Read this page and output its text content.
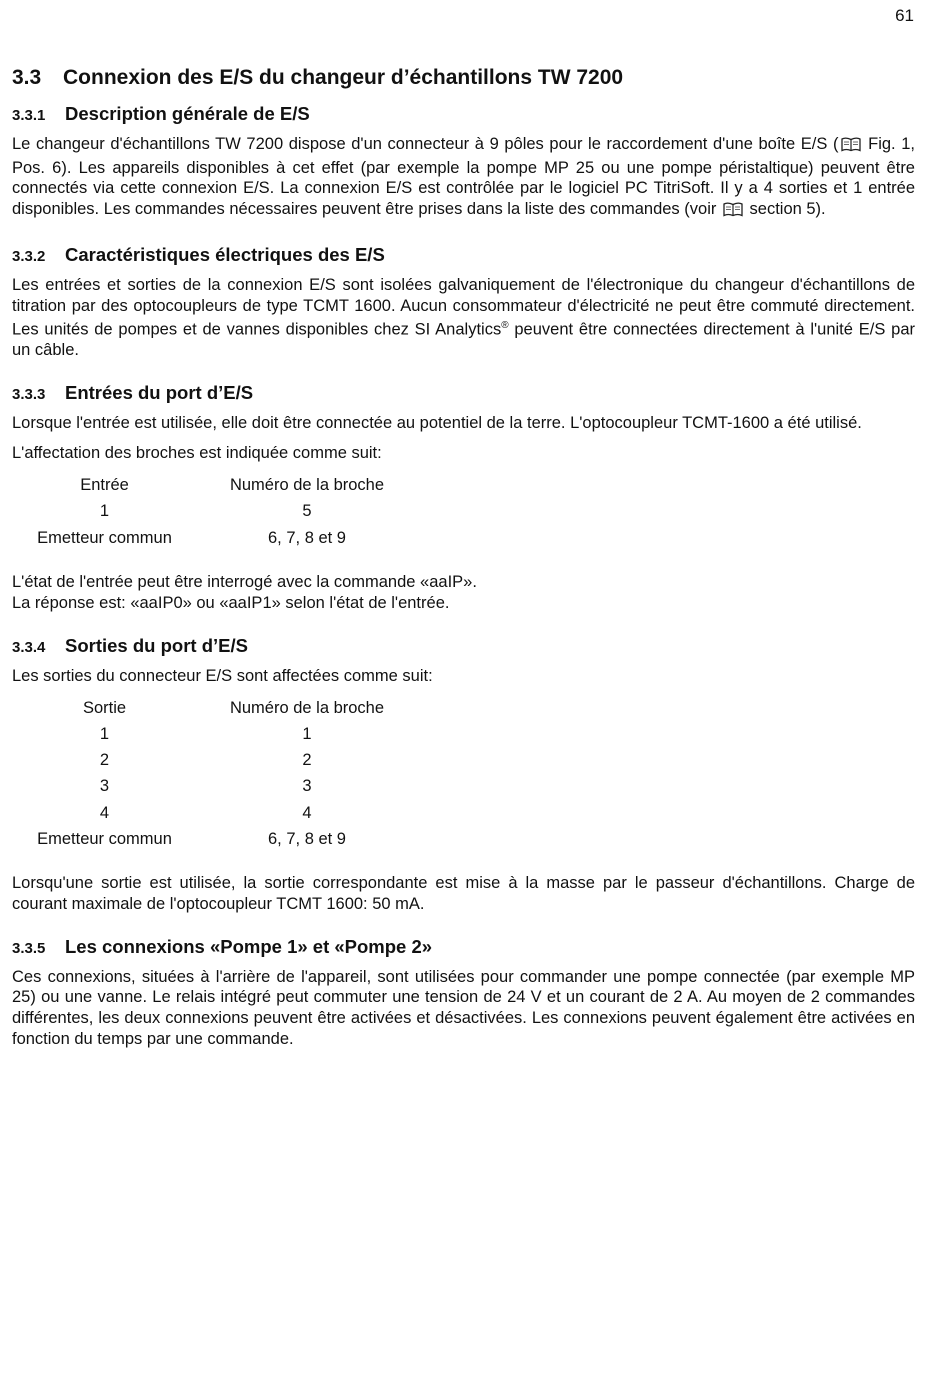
61
3.3	Connexion des E/S du changeur d’échantillons TW 7200
3.3.1	Description générale de E/S

Le changeur d'échantillons TW 7200 dispose d'un connecteur à 9 pôles pour le raccordement d'une boîte E/S ( Fig. 1, Pos. 6). Les appareils disponibles à cet effet (par exemple la pompe MP 25 ou une pompe péristaltique) peuvent être connectés via cette connexion E/S. La connexion E/S est contrôlée par le logiciel PC TitriSoft. Il y a 4 sorties et 1 entrée disponibles. Les commandes nécessaires peuvent être prises dans la liste des commandes (voir  section 5).

3.3.2	Caractéristiques électriques des E/S

Les entrées et sorties de la connexion E/S sont isolées galvaniquement de l'électronique du changeur d'échantillons de titration par des optocoupleurs de type TCMT 1600. Aucun consommateur d'électricité ne peut être commuté directement. Les unités de pompes et de vannes disponibles chez SI Analytics® peuvent être connectées directement à l'unité E/S par un câble.

3.3.3	Entrées du port d’E/S

Lorsque l'entrée est utilisée, elle doit être connectée au potentiel de la terre. L'optocoupleur TCMT-1600 a été utilisé.

L'affectation des broches est indiquée comme suit:

Entrée	Numéro de la broche
1	5
Emetteur commun	6, 7, 8 et 9

L'état de l'entrée peut être interrogé avec la commande «aaIP».

La réponse est: «aaIP0» ou «aaIP1» selon l'état de l'entrée.

3.3.4	Sorties du port d’E/S

Les sorties du connecteur E/S sont affectées comme suit:

Sortie	Numéro de la broche
1	1
2	2
3	3
4	4
Emetteur commun	6, 7, 8 et 9

Lorsqu'une sortie est utilisée, la sortie correspondante est mise à la masse par le passeur d'échantillons. Charge de courant maximale de l'optocoupleur TCMT 1600: 50 mA.

3.3.5	Les connexions «Pompe 1» et «Pompe 2»

Ces connexions, situées à l'arrière de l'appareil, sont utilisées pour commander une pompe connectée (par exemple MP 25) ou une vanne. Le relais intégré peut commuter une tension de 24 V et un courant de 2 A. Au moyen de 2 commandes différentes, les deux connexions peuvent être activées et désactivées. Les connexions peuvent également être activées en fonction du temps par une commande.
